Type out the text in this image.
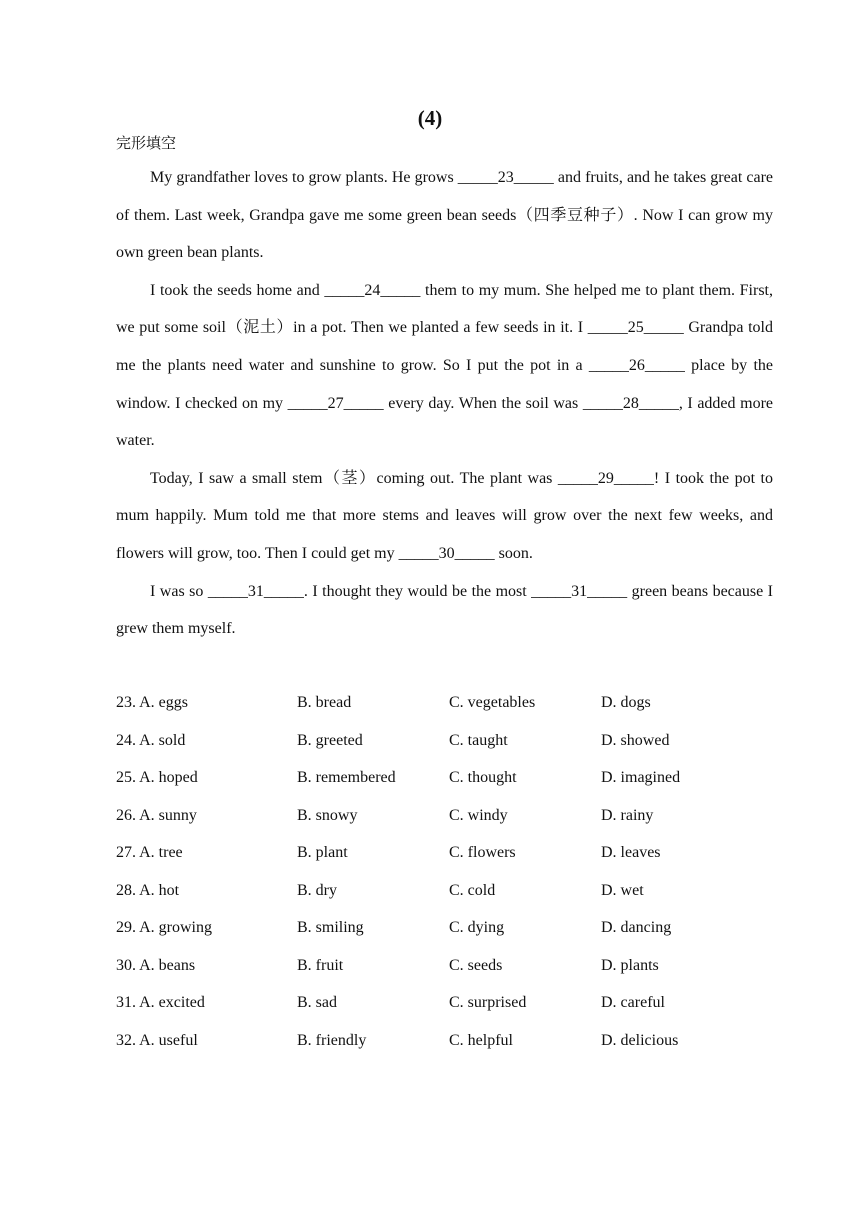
(4)
完形填空

My grandfather loves to grow plants. He grows _____23_____ and fruits, and he takes great care of them. Last week, Grandpa gave me some green bean seeds（四季豆种子）. Now I can grow my own green bean plants.

I took the seeds home and _____24_____ them to my mum. She helped me to plant them. First, we put some soil（泥土）in a pot. Then we planted a few seeds in it. I _____25_____ Grandpa told me the plants need water and sunshine to grow. So I put the pot in a _____26_____ place by the window. I checked on my _____27_____ every day. When the soil was _____28_____, I added more water.

Today, I saw a small stem（茎）coming out. The plant was _____29_____! I took the pot to mum happily. Mum told me that more stems and leaves will grow over the next few weeks, and flowers will grow, too. Then I could get my _____30_____ soon.

I was so _____31_____. I thought they would be the most _____31_____ green beans because I grew them myself.

23. A. eggs	B. bread	C. vegetables	D. dogs
24. A. sold	B. greeted	C. taught	D. showed
25. A. hoped	B. remembered	C. thought	D. imagined
26. A. sunny	B. snowy	C. windy	D. rainy
27. A. tree	B. plant	C. flowers	D. leaves
28. A. hot	B. dry	C. cold	D. wet
29. A. growing	B. smiling	C. dying	D. dancing
30. A. beans	B. fruit	C. seeds	D. plants
31. A. excited	B. sad	C. surprised	D. careful
32. A. useful	B. friendly	C. helpful	D. delicious
